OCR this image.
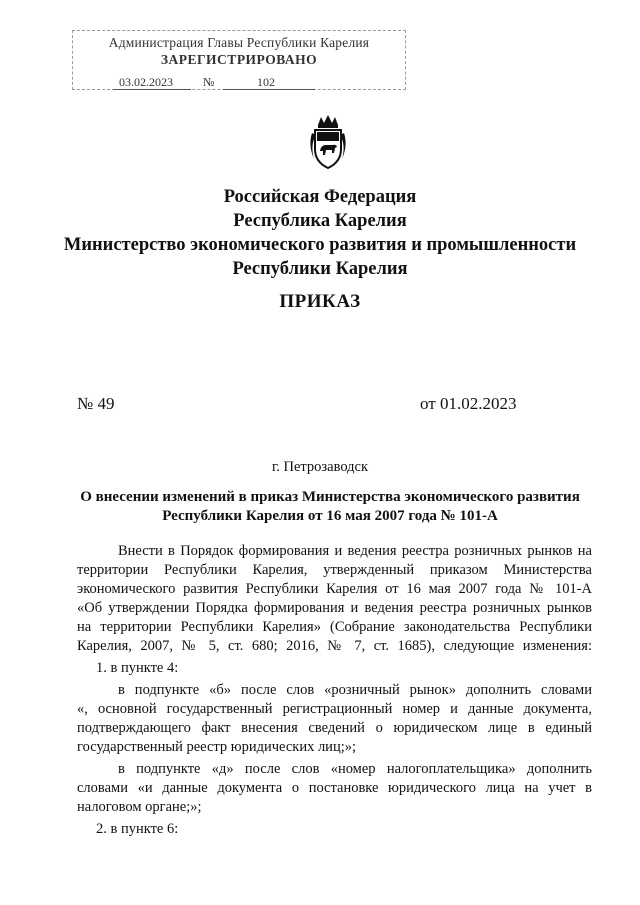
Администрация Главы Республики Карелия
ЗАРЕГИСТРИРОВАНО
03.02.2023	№	102
Российская Федерация
Республика Карелия
Министерство экономического развития и промышленности
Республики Карелия
ПРИКАЗ
№ 49	от 01.02.2023
г. Петрозаводск
О внесении изменений в приказ Министерства экономического развития
Республики Карелия от 16 мая 2007 года № 101-А
Внести в Порядок формирования и ведения реестра розничных рынков на
территории Республики Карелия, утвержденный приказом Министерства
экономического развития Республики Карелия от 16 мая 2007 года № 101-А
«Об утверждении Порядка формирования и ведения реестра розничных рынков
на территории Республики Карелия» (Собрание законодательства Республики
Карелия, 2007, № 5, ст. 680; 2016, № 7, ст. 1685), следующие изменения:
1. в пункте 4:
в подпункте «б» после слов «розничный рынок» дополнить словами
«, основной государственный регистрационный номер и данные документа,
подтверждающего факт внесения сведений о юридическом лице в единый
государственный реестр юридических лиц;»;
в подпункте «д» после слов «номер налогоплательщика» дополнить
словами «и данные документа о постановке юридического лица на учет в
налоговом органе;»;
2. в пункте 6:
